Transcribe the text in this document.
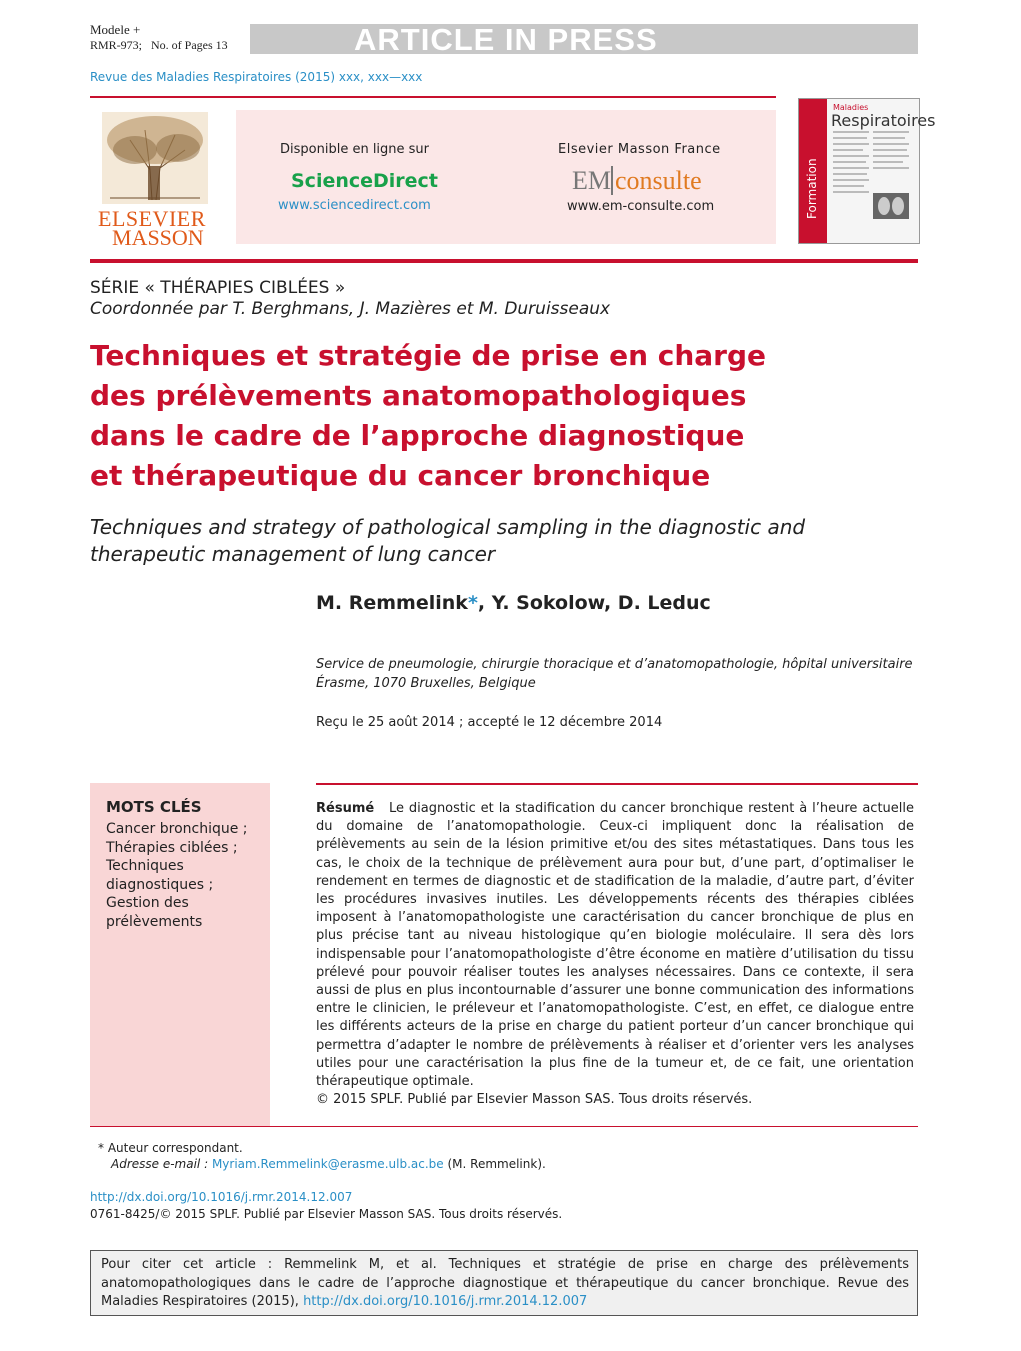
Modele +
RMR-973; No. of Pages 13	ARTICLE IN PRESS
Revue des Maladies Respiratoires (2015) xxx, xxx—xxx
ELSEVIER
MASSON
Disponible en ligne sur
ScienceDirect
www.sciencedirect.com
Elsevier Masson France
EM consulte
www.em-consulte.com	Formation
Maladies
Respiratoires
SÉRIE « THÉRAPIES CIBLÉES »
Coordonnée par T. Berghmans, J. Mazières et M. Duruisseaux
Techniques et stratégie de prise en charge
des prélèvements anatomopathologiques
dans le cadre de l’approche diagnostique
et thérapeutique du cancer bronchique
Techniques and strategy of pathological sampling in the diagnostic and
therapeutic management of lung cancer
M. Remmelink*, Y. Sokolow, D. Leduc
Service de pneumologie, chirurgie thoracique et d’anatomopathologie, hôpital universitaire
Érasme, 1070 Bruxelles, Belgique
Reçu le 25 août 2014 ; accepté le 12 décembre 2014
MOTS CLÉS
Cancer bronchique ;
Thérapies ciblées ;
Techniques diagnostiques ;
Gestion des prélèvements
Résumé Le diagnostic et la stadification du cancer bronchique restent à l’heure actuelle du domaine de l’anatomopathologie. Ceux-ci impliquent donc la réalisation de prélèvements au sein de la lésion primitive et/ou des sites métastatiques. Dans tous les cas, le choix de la technique de prélèvement aura pour but, d’une part, d’optimaliser le rendement en termes de diagnostic et de stadification de la maladie, d’autre part, d’éviter les procédures invasives inutiles. Les développements récents des thérapies ciblées imposent à l’anatomopathologiste une caractérisation du cancer bronchique de plus en plus précise tant au niveau histologique qu’en biologie moléculaire. Il sera dès lors indispensable pour l’anatomopathologiste d’être économe en matière d’utilisation du tissu prélevé pour pouvoir réaliser toutes les analyses nécessaires. Dans ce contexte, il sera aussi de plus en plus incontournable d’assurer une bonne communication des informations entre le clinicien, le préleveur et l’anatomopathologiste. C’est, en effet, ce dialogue entre les différents acteurs de la prise en charge du patient porteur d’un cancer bronchique qui permettra d’adapter le nombre de prélèvements à réaliser et d’orienter vers les analyses utiles pour une caractérisation la plus fine de la tumeur et, de ce fait, une orientation thérapeutique optimale.
© 2015 SPLF. Publié par Elsevier Masson SAS. Tous droits réservés.
* Auteur correspondant.
Adresse e-mail : Myriam.Remmelink@erasme.ulb.ac.be (M. Remmelink).
http://dx.doi.org/10.1016/j.rmr.2014.12.007
0761-8425/© 2015 SPLF. Publié par Elsevier Masson SAS. Tous droits réservés.
Pour citer cet article : Remmelink M, et al. Techniques et stratégie de prise en charge des prélèvements anatomopathologiques dans le cadre de l’approche diagnostique et thérapeutique du cancer bronchique. Revue des Maladies Respiratoires (2015), http://dx.doi.org/10.1016/j.rmr.2014.12.007
